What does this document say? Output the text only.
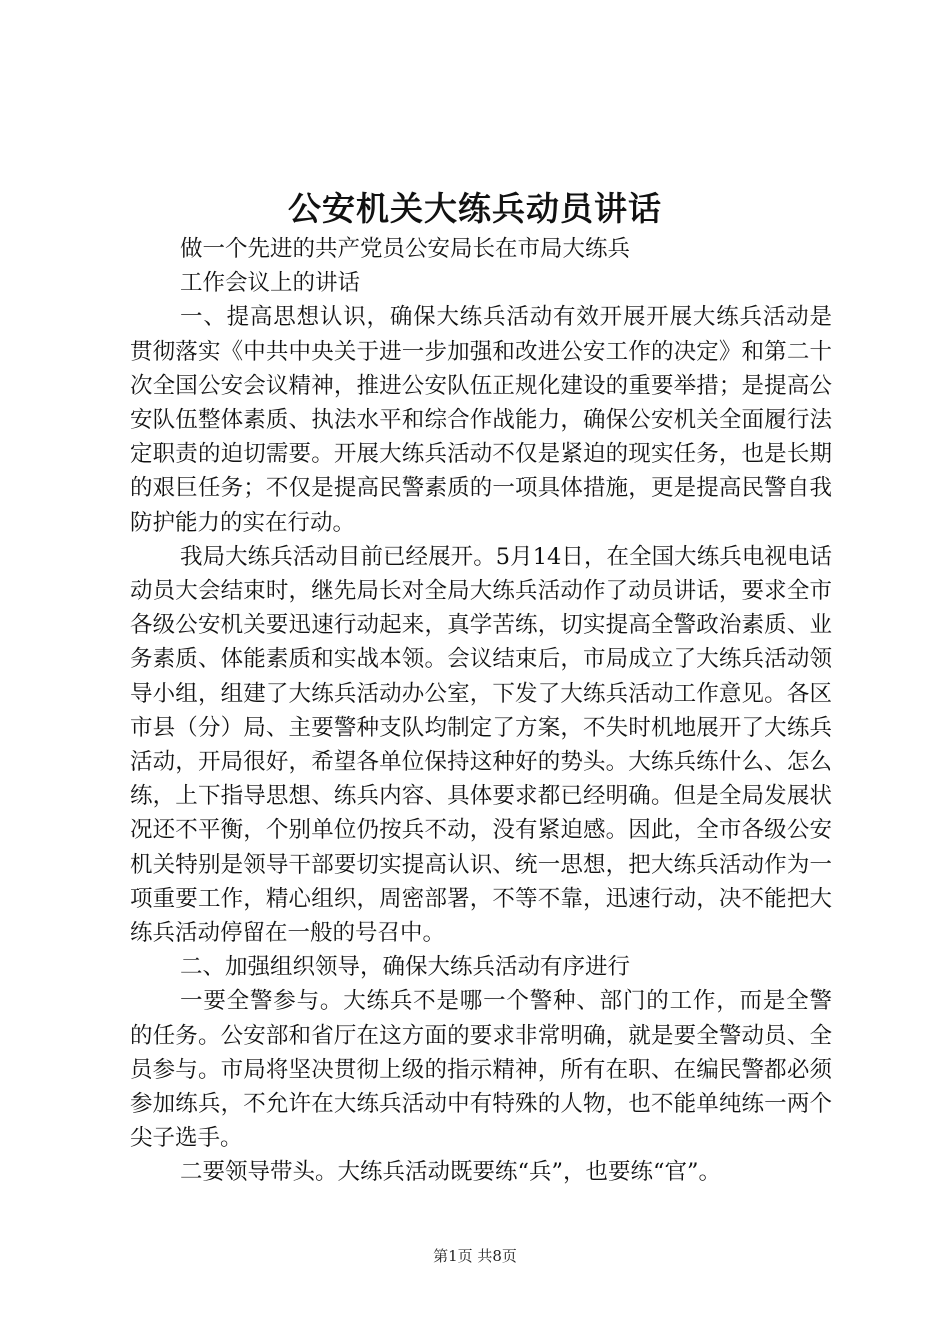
公安机关大练兵动员讲话

做一个先进的共产党员公安局长在市局大练兵

工作会议上的讲话

一、提高思想认识，确保大练兵活动有效开展开展大练兵活动是贯彻落实《中共中央关于进一步加强和改进公安工作的决定》和第二十次全国公安会议精神，推进公安队伍正规化建设的重要举措；是提高公安队伍整体素质、执法水平和综合作战能力，确保公安机关全面履行法定职责的迫切需要。开展大练兵活动不仅是紧迫的现实任务，也是长期的艰巨任务；不仅是提高民警素质的一项具体措施，更是提高民警自我防护能力的实在行动。

我局大练兵活动目前已经展开。5月14日，在全国大练兵电视电话动员大会结束时，继先局长对全局大练兵活动作了动员讲话，要求全市各级公安机关要迅速行动起来，真学苦练，切实提高全警政治素质、业务素质、体能素质和实战本领。会议结束后，市局成立了大练兵活动领导小组，组建了大练兵活动办公室，下发了大练兵活动工作意见。各区市县（分）局、主要警种支队均制定了方案，不失时机地展开了大练兵活动，开局很好，希望各单位保持这种好的势头。大练兵练什么、怎么练，上下指导思想、练兵内容、具体要求都已经明确。但是全局发展状况还不平衡，个别单位仍按兵不动，没有紧迫感。因此，全市各级公安机关特别是领导干部要切实提高认识、统一思想，把大练兵活动作为一项重要工作，精心组织，周密部署，不等不靠，迅速行动，决不能把大练兵活动停留在一般的号召中。

二、加强组织领导，确保大练兵活动有序进行

一要全警参与。大练兵不是哪一个警种、部门的工作，而是全警的任务。公安部和省厅在这方面的要求非常明确，就是要全警动员、全员参与。市局将坚决贯彻上级的指示精神，所有在职、在编民警都必须参加练兵，不允许在大练兵活动中有特殊的人物，也不能单纯练一两个尖子选手。

二要领导带头。大练兵活动既要练“兵”，也要练“官”。

第1页 共8页
